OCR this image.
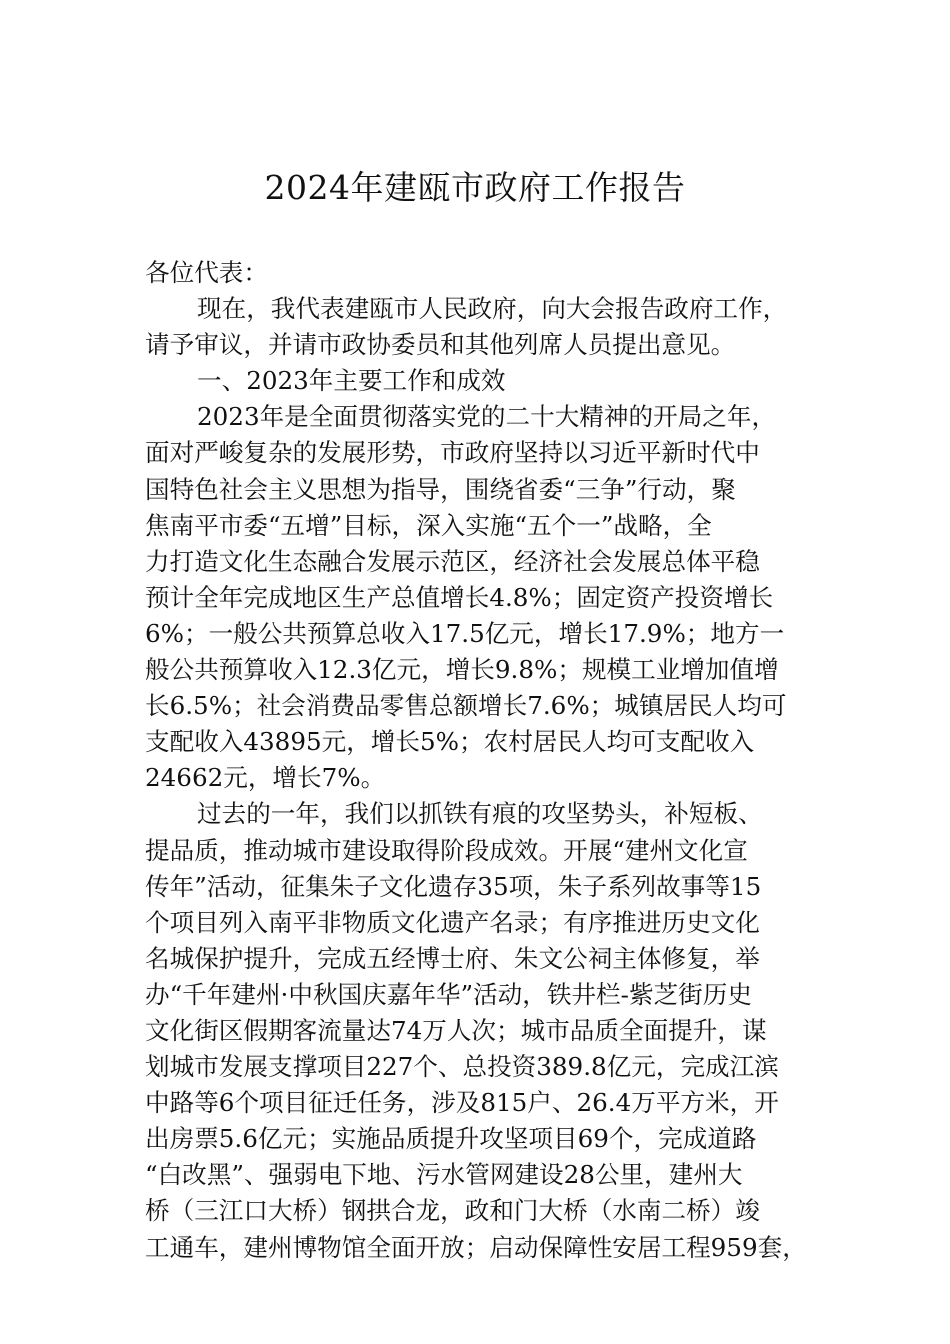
2024年建瓯市政府工作报告
各位代表：
现在，我代表建瓯市人民政府，向大会报告政府工作，
请予审议，并请市政协委员和其他列席人员提出意见。
一、2023年主要工作和成效
2023年是全面贯彻落实党的二十大精神的开局之年，
面对严峻复杂的发展形势，市政府坚持以习近平新时代中
国特色社会主义思想为指导，围绕省委“三争”行动，聚
焦南平市委“五增”目标，深入实施“五个一”战略，全
力打造文化生态融合发展示范区，经济社会发展总体平稳
预计全年完成地区生产总值增长4.8%；固定资产投资增长
6%；一般公共预算总收入17.5亿元，增长17.9%；地方一
般公共预算收入12.3亿元，增长9.8%；规模工业增加值增
长6.5%；社会消费品零售总额增长7.6%；城镇居民人均可
支配收入43895元，增长5%；农村居民人均可支配收入
24662元，增长7%。
过去的一年，我们以抓铁有痕的攻坚势头，补短板、
提品质，推动城市建设取得阶段成效。开展“建州文化宣
传年”活动，征集朱子文化遗存35项，朱子系列故事等15
个项目列入南平非物质文化遗产名录；有序推进历史文化
名城保护提升，完成五经博士府、朱文公祠主体修复，举
办“千年建州·中秋国庆嘉年华”活动，铁井栏-紫芝街历史
文化街区假期客流量达74万人次；城市品质全面提升，谋
划城市发展支撑项目227个、总投资389.8亿元，完成江滨
中路等6个项目征迁任务，涉及815户、26.4万平方米，开
出房票5.6亿元；实施品质提升攻坚项目69个，完成道路
“白改黑”、强弱电下地、污水管网建设28公里，建州大
桥（三江口大桥）钢拱合龙，政和门大桥（水南二桥）竣
工通车，建州博物馆全面开放；启动保障性安居工程959套，
